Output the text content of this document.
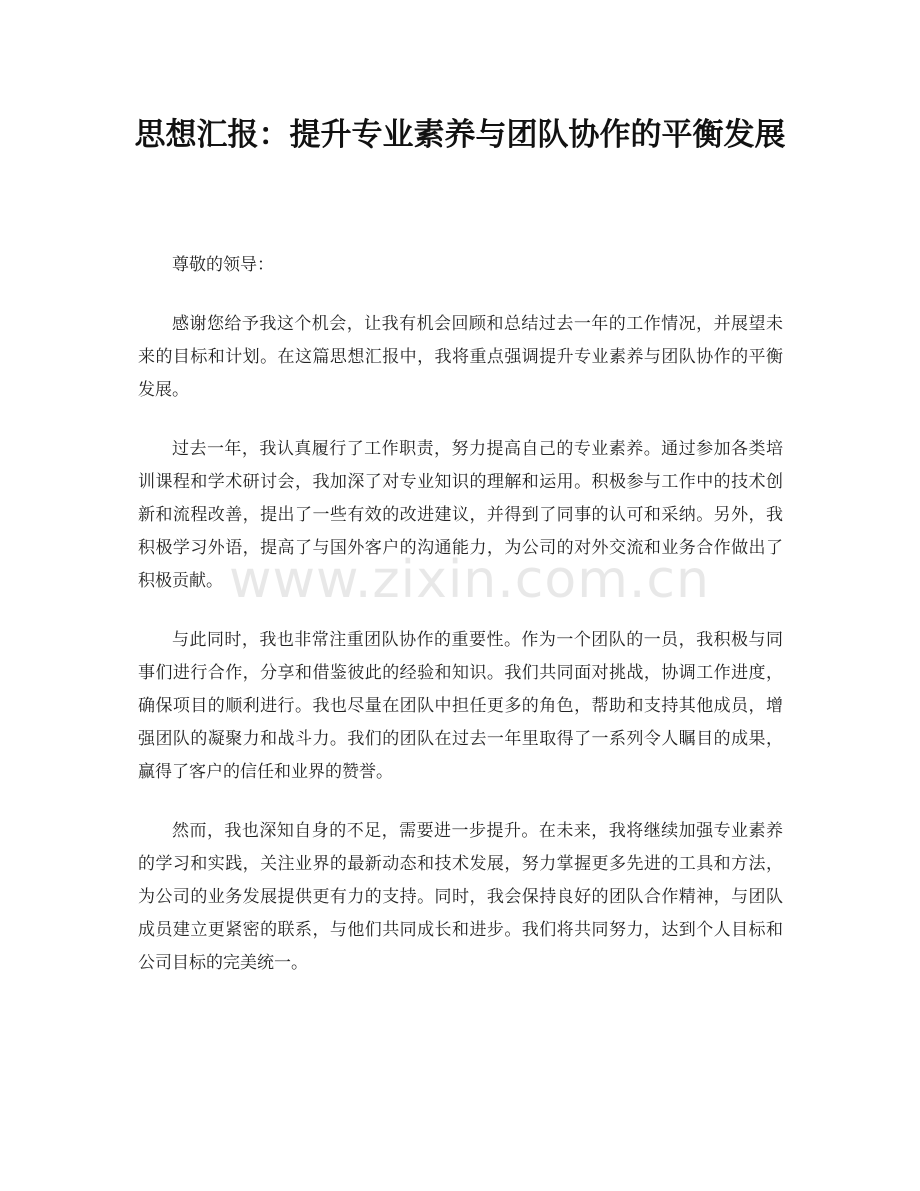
思想汇报：提升专业素养与团队协作的平衡发展

尊敬的领导：

感谢您给予我这个机会，让我有机会回顾和总结过去一年的工作情况，并展望未来的目标和计划。在这篇思想汇报中，我将重点强调提升专业素养与团队协作的平衡发展。

过去一年，我认真履行了工作职责，努力提高自己的专业素养。通过参加各类培训课程和学术研讨会，我加深了对专业知识的理解和运用。积极参与工作中的技术创新和流程改善，提出了一些有效的改进建议，并得到了同事的认可和采纳。另外，我积极学习外语，提高了与国外客户的沟通能力，为公司的对外交流和业务合作做出了积极贡献。

与此同时，我也非常注重团队协作的重要性。作为一个团队的一员，我积极与同事们进行合作，分享和借鉴彼此的经验和知识。我们共同面对挑战，协调工作进度，确保项目的顺利进行。我也尽量在团队中担任更多的角色，帮助和支持其他成员，增强团队的凝聚力和战斗力。我们的团队在过去一年里取得了一系列令人瞩目的成果，赢得了客户的信任和业界的赞誉。

然而，我也深知自身的不足，需要进一步提升。在未来，我将继续加强专业素养的学习和实践，关注业界的最新动态和技术发展，努力掌握更多先进的工具和方法，为公司的业务发展提供更有力的支持。同时，我会保持良好的团队合作精神，与团队成员建立更紧密的联系，与他们共同成长和进步。我们将共同努力，达到个人目标和公司目标的完美统一。

www.zixin.com.cn
